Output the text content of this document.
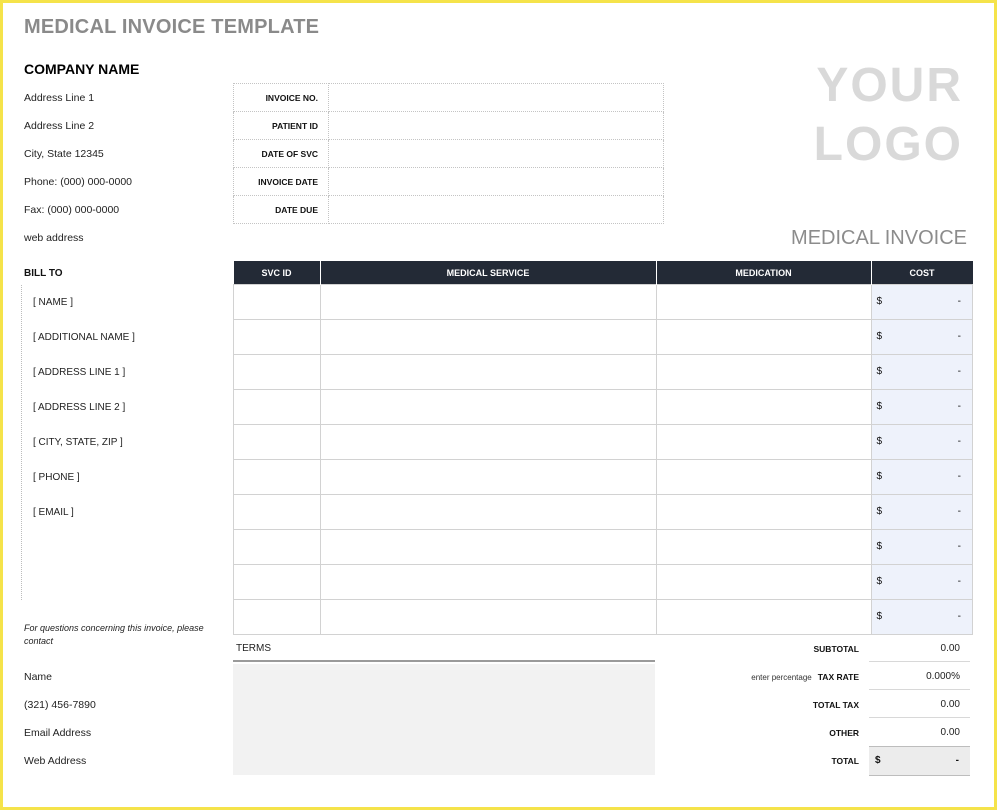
MEDICAL INVOICE TEMPLATE
COMPANY NAME
Address Line 1
Address Line 2
City, State 12345
Phone: (000) 000-0000
Fax: (000) 000-0000
web address
YOUR
LOGO
MEDICAL INVOICE
INVOICE NO.	
PATIENT ID	
DATE OF SVC	
INVOICE DATE	
DATE DUE	
BILL TO
[ NAME ]
[ ADDITIONAL NAME ]
[ ADDRESS LINE 1 ]
[ ADDRESS LINE 2 ]
[ CITY, STATE, ZIP ]
[ PHONE ]
[ EMAIL ]
SVC ID	MEDICAL SERVICE	MEDICATION	COST

			$ -

			$ -

			$ -

			$ -

			$ -

			$ -

			$ -

			$ -

			$ -

			$ -
For questions concerning this invoice, please contact
Name
(321) 456-7890
Email Address
Web Address
TERMS	SUBTOTAL	0.00
enter percentage TAX RATE	0.000%
TOTAL TAX	0.00
OTHER	0.00
TOTAL $	-
